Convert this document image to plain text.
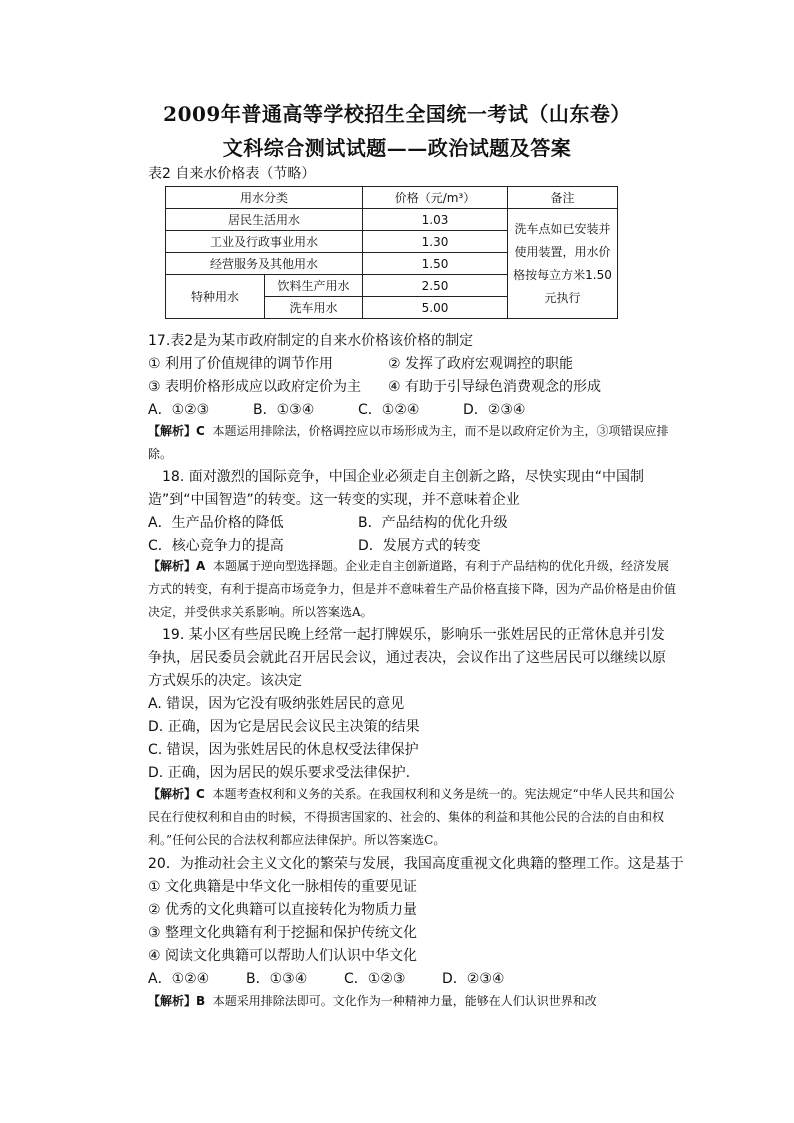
2009年普通高等学校招生全国统一考试（山东卷）
文科综合测试试题——政治试题及答案
表2 自来水价格表（节略）
用水分类		价格（元/m³）	备注
居民生活用水		1.03	洗车点如已安装并使用装置，用水价格按每立方米1.50元执行
工业及行政事业用水		1.30	
经营服务及其他用水		1.50	
特种用水	饮料生产用水	2.50	
	洗车用水	5.00	
17.表2是为某市政府制定的自来水价格该价格的制定
① 利用了价值规律的调节作用	② 发挥了政府宏观调控的职能
③ 表明价格形成应以政府定价为主 ④ 有助于引导绿色消费观念的形成
A．①②③	B．①③④	C．①②④	D．②③④
【解析】C 本题运用排除法，价格调控应以市场形成为主，而不是以政府定价为主，③项错误应排除。
18. 面对激烈的国际竞争，中国企业必须走自主创新之路，尽快实现由“中国制造”到“中国智造”的转变。这一转变的实现，并不意味着企业
A．生产品价格的降低	B．产品结构的优化升级
C．核心竞争力的提高	D．发展方式的转变
【解析】A 本题属于逆向型选择题。企业走自主创新道路，有利于产品结构的优化升级，经济发展方式的转变，有利于提高市场竞争力，但是并不意味着生产品价格直接下降，因为产品价格是由价值决定，并受供求关系影响。所以答案选A。
19. 某小区有些居民晚上经常一起打牌娱乐，影响乐一张姓居民的正常休息并引发争执，居民委员会就此召开居民会议，通过表决，会议作出了这些居民可以继续以原方式娱乐的决定。该决定
A. 错误，因为它没有吸纳张姓居民的意见
D. 正确，因为它是居民会议民主决策的结果
C. 错误，因为张姓居民的休息权受法律保护
D. 正确，因为居民的娱乐要求受法律保护.
【解析】C 本题考查权利和义务的关系。在我国权利和义务是统一的。宪法规定“中华人民共和国公民在行使权利和自由的时候，不得损害国家的、社会的、集体的利益和其他公民的合法的自由和权利。”任何公民的合法权利都应法律保护。所以答案选C。
20．为推动社会主义文化的繁荣与发展，我国高度重视文化典籍的整理工作。这是基于
① 文化典籍是中华文化一脉相传的重要见证
② 优秀的文化典籍可以直接转化为物质力量
③ 整理文化典籍有利于挖掘和保护传统文化
④ 阅读文化典籍可以帮助人们认识中华文化
A．①②④	B．①③④	C．①②③	D．②③④
【解析】B 本题采用排除法即可。文化作为一种精神力量，能够在人们认识世界和改
